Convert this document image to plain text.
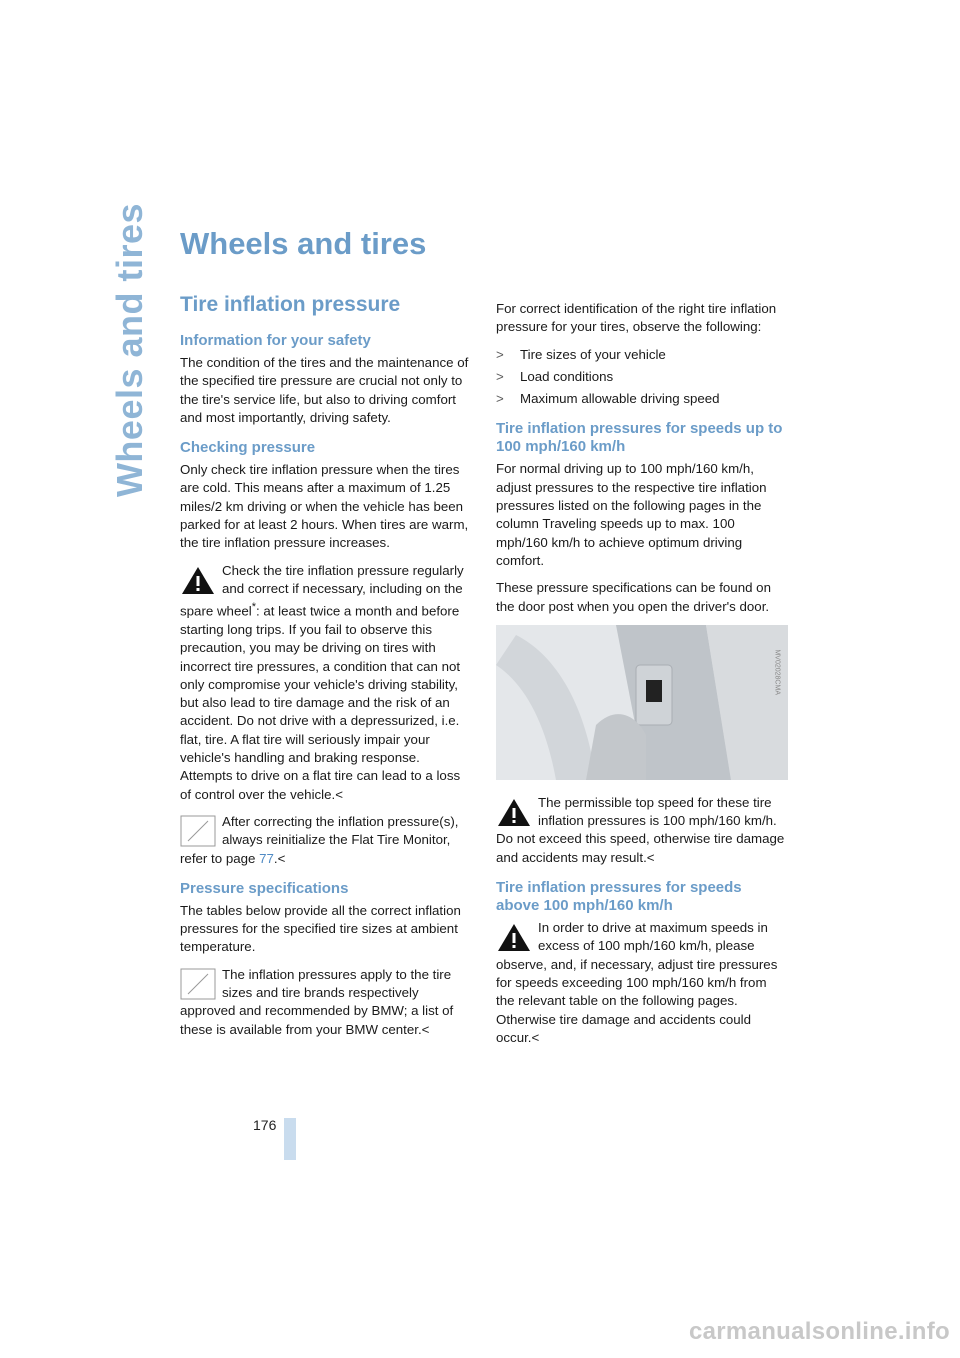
Wheels and tires Wheels and tires
Tire inflation pressure
Information for your safety

The condition of the tires and the maintenance of the specified tire pressure are crucial not only to the tire's service life, but also to driving comfort and most importantly, driving safety.

Checking pressure

Only check tire inflation pressure when the tires are cold. This means after a maximum of 1.25 miles/2 km driving or when the vehicle has been parked for at least 2 hours. When tires are warm, the tire inflation pressure increases.

Check the tire inflation pressure regularly and correct if necessary, including on the spare wheel*: at least twice a month and before starting long trips. If you fail to observe this precaution, you may be driving on tires with incorrect tire pressures, a condition that can not only compromise your vehicle's driving stability, but also lead to tire damage and the risk of an accident. Do not drive with a depressurized, i.e. flat, tire. A flat tire will seriously impair your vehicle's handling and braking response. Attempts to drive on a flat tire can lead to a loss of control over the vehicle.<
After correcting the inflation pressure(s), always reinitialize the Flat Tire Monitor, refer to page 77.<
Pressure specifications

The tables below provide all the correct inflation pressures for the specified tire sizes at ambient temperature.

The inflation pressures apply to the tire sizes and tire brands respectively approved and recommended by BMW; a list of these is available from your BMW center.<

For correct identification of the right tire inflation pressure for your tires, observe the following:

>	Tire sizes of your vehicle
>	Load conditions
>	Maximum allowable driving speed
Tire inflation pressures for speeds up to 100 mph/160 km/h

For normal driving up to 100 mph/160 km/h, adjust pressures to the respective tire inflation pressures listed on the following pages in the column Traveling speeds up to max. 100 mph/160 km/h to achieve optimum driving comfort.

These pressure specifications can be found on the door post when you open the driver's door.

MV02028CMA
The permissible top speed for these tire inflation pressures is 100 mph/160 km/h. Do not exceed this speed, otherwise tire damage and accidents may result.<
Tire inflation pressures for speeds above 100 mph/160 km/h
In order to drive at maximum speeds in excess of 100 mph/160 km/h, please observe, and, if necessary, adjust tire pressures for speeds exceeding 100 mph/160 km/h from the relevant table on the following pages. Otherwise tire damage and accidents could occur.<
176
carmanualsonline.info
